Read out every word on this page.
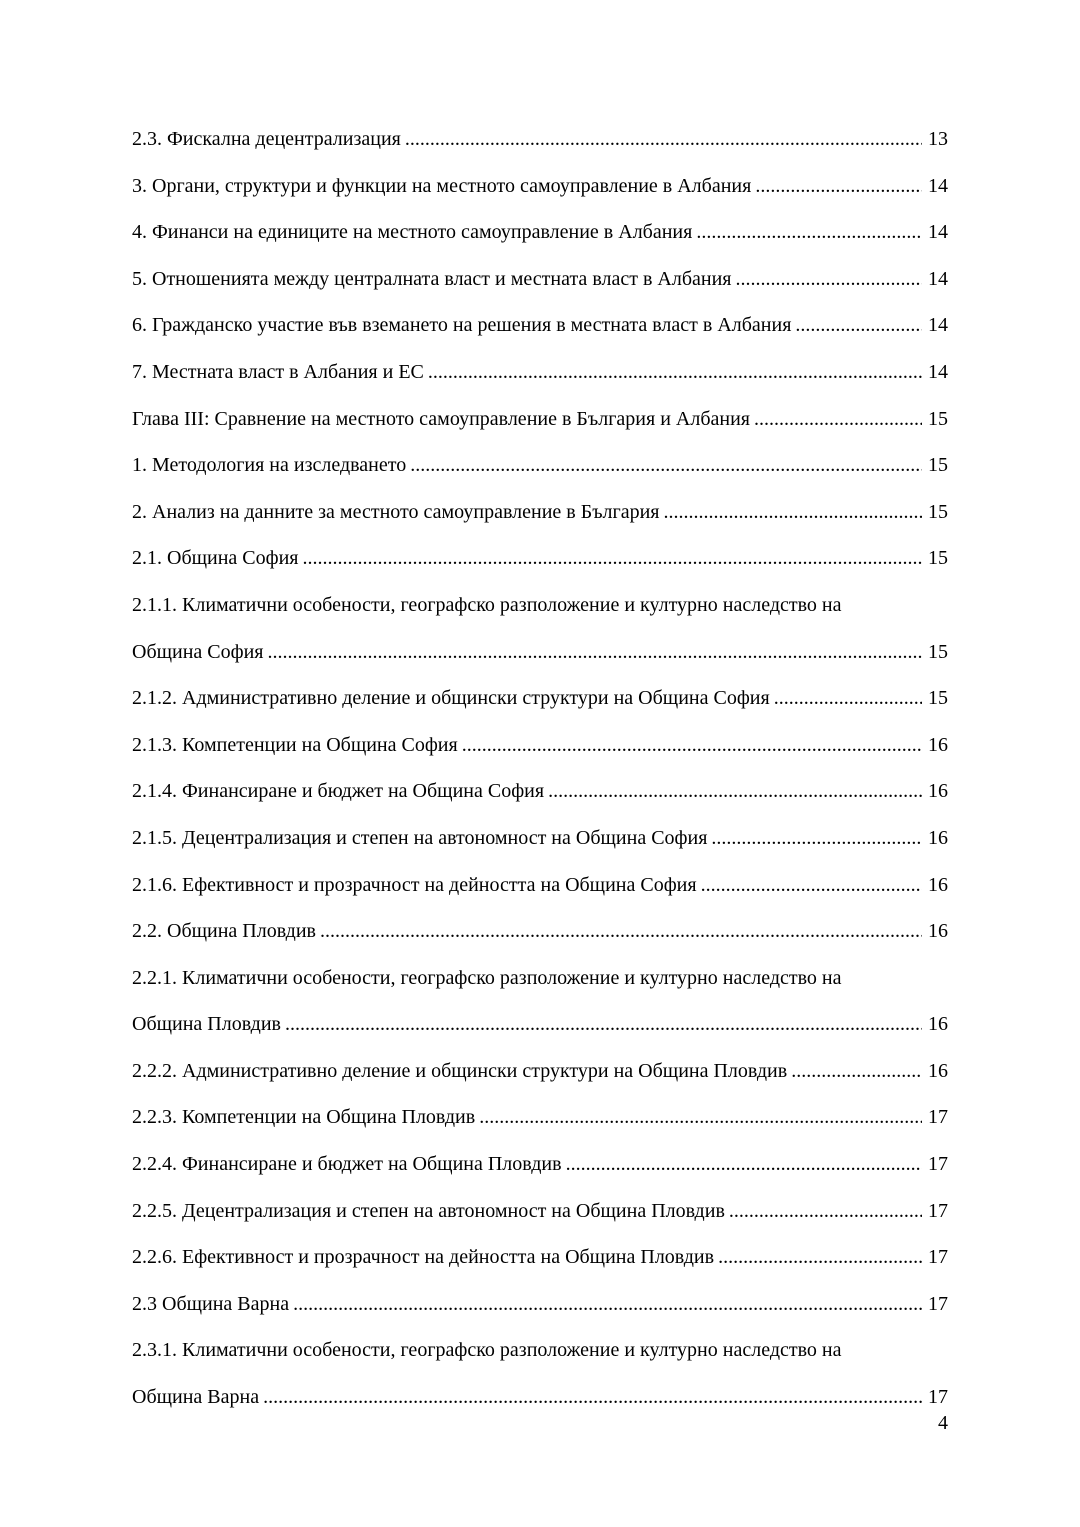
2.3. Фискална децентрализация .....	13
3. Органи, структури и функции на местното самоуправление в Албания .....	14
4. Финанси на единиците на местното самоуправление в Албания .....	14
5. Отношенията между централната власт и местната власт в Албания .....	14
6. Гражданско участие във вземането на решения в местната власт в Албания .....	14
7. Местната власт в Албания и ЕС .....	14
Глава III: Сравнение на местното самоуправление в България и Албания .....	15
1. Методология на изследването .....	15
2. Анализ на данните за местното самоуправление в България .....	15
2.1. Община София .....	15
2.1.1. Климатични особености, географско разположение и културно наследство на
Община София .....	15
2.1.2. Административно деление и общински структури на Община София .....	15
2.1.3. Компетенции на Община София .....	16
2.1.4. Финансиране и бюджет на Община София .....	16
2.1.5. Децентрализация и степен на автономност на Община София .....	16
2.1.6. Ефективност и прозрачност на дейността на Община София .....	16
2.2. Община Пловдив .....	16
2.2.1. Климатични особености, географско разположение и културно наследство на
Община Пловдив .....	16
2.2.2. Административно деление и общински структури на Община Пловдив .....	16
2.2.3. Компетенции на Община Пловдив .....	17
2.2.4. Финансиране и бюджет на Община Пловдив .....	17
2.2.5. Децентрализация и степен на автономност на Община Пловдив .....	17
2.2.6. Ефективност и прозрачност на дейността на Община Пловдив .....	17
2.3 Община Варна .....	17
2.3.1. Климатични особености, географско разположение и културно наследство на
Община Варна .....	17
4
